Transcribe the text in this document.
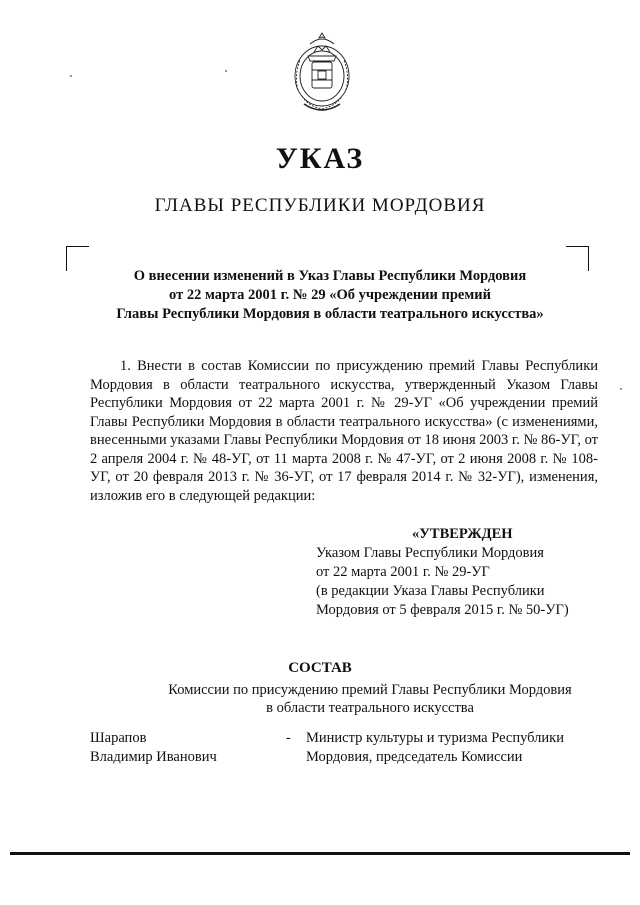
УКАЗ
ГЛАВЫ РЕСПУБЛИКИ МОРДОВИЯ
О внесении изменений в Указ Главы Республики Мордовия
от 22 марта 2001 г. № 29 «Об учреждении премий
Главы Республики Мордовия в области театрального искусства»
1. Внести в состав Комиссии по присуждению премий Главы Республики Мордовия в области театрального искусства, утвержденный Указом Главы Республики Мордовия от 22 марта 2001 г. № 29-УГ «Об учреждении премий Главы Республики Мордовия в области театрального искусства» (с изменениями, внесенными указами Главы Республики Мордовия от 18 июня 2003 г. № 86-УГ, от 2 апреля 2004 г. № 48-УГ, от 11 марта 2008 г. № 47-УГ, от 2 июня 2008 г. № 108-УГ, от 20 февраля 2013 г. № 36-УГ, от 17 февраля 2014 г. № 32-УГ), изменения, изложив его в следующей редакции:
«УТВЕРЖДЕН
Указом Главы Республики Мордовия
от 22 марта 2001 г. № 29-УГ
(в редакции Указа Главы Республики
Мордовия от 5 февраля 2015 г. № 50-УГ)
СОСТАВ
Комиссии по присуждению премий Главы Республики Мордовия
в области театрального искусства
Шарапов
Владимир Иванович
- Министр культуры и туризма Республики Мордовия, председатель Комиссии
